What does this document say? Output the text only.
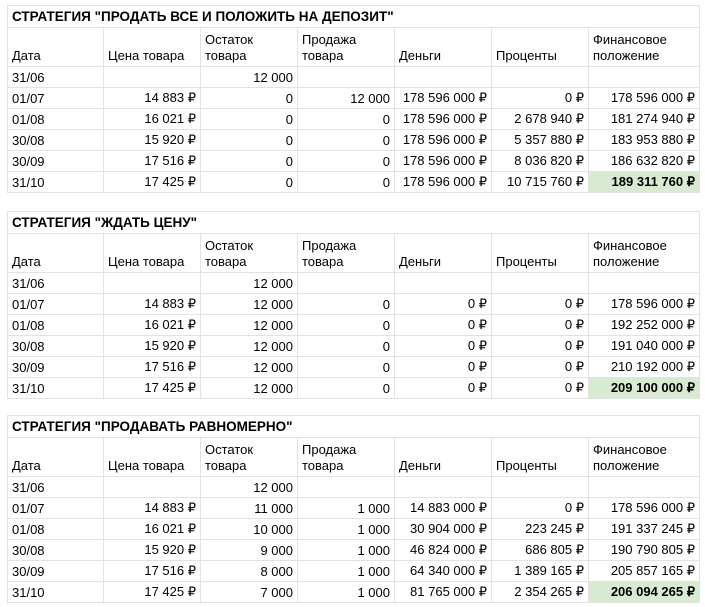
СТРАТЕГИЯ "ПРОДАТЬ ВСЕ И ПОЛОЖИТЬ НА ДЕПОЗИТ"						
Дата	Цена товара	Остаток товара	Продажа товара	Деньги	Проценты	Финансовое положение
31/06		12 000				
01/07	14 883 ₽	0	12 000	178 596 000 ₽	0 ₽	178 596 000 ₽
01/08	16 021 ₽	0	0	178 596 000 ₽	2 678 940 ₽	181 274 940 ₽
30/08	15 920 ₽	0	0	178 596 000 ₽	5 357 880 ₽	183 953 880 ₽
30/09	17 516 ₽	0	0	178 596 000 ₽	8 036 820 ₽	186 632 820 ₽
31/10	17 425 ₽	0	0	178 596 000 ₽	10 715 760 ₽	189 311 760 ₽
СТРАТЕГИЯ "ЖДАТЬ ЦЕНУ"						
Дата	Цена товара	Остаток товара	Продажа товара	Деньги	Проценты	Финансовое положение
31/06		12 000				
01/07	14 883 ₽	12 000	0	0 ₽	0 ₽	178 596 000 ₽
01/08	16 021 ₽	12 000	0	0 ₽	0 ₽	192 252 000 ₽
30/08	15 920 ₽	12 000	0	0 ₽	0 ₽	191 040 000 ₽
30/09	17 516 ₽	12 000	0	0 ₽	0 ₽	210 192 000 ₽
31/10	17 425 ₽	12 000	0	0 ₽	0 ₽	209 100 000 ₽
СТРАТЕГИЯ "ПРОДАВАТЬ РАВНОМЕРНО"						
Дата	Цена товара	Остаток товара	Продажа товара	Деньги	Проценты	Финансовое положение
31/06		12 000				
01/07	14 883 ₽	11 000	1 000	14 883 000 ₽	0 ₽	178 596 000 ₽
01/08	16 021 ₽	10 000	1 000	30 904 000 ₽	223 245 ₽	191 337 245 ₽
30/08	15 920 ₽	9 000	1 000	46 824 000 ₽	686 805 ₽	190 790 805 ₽
30/09	17 516 ₽	8 000	1 000	64 340 000 ₽	1 389 165 ₽	205 857 165 ₽
31/10	17 425 ₽	7 000	1 000	81 765 000 ₽	2 354 265 ₽	206 094 265 ₽
